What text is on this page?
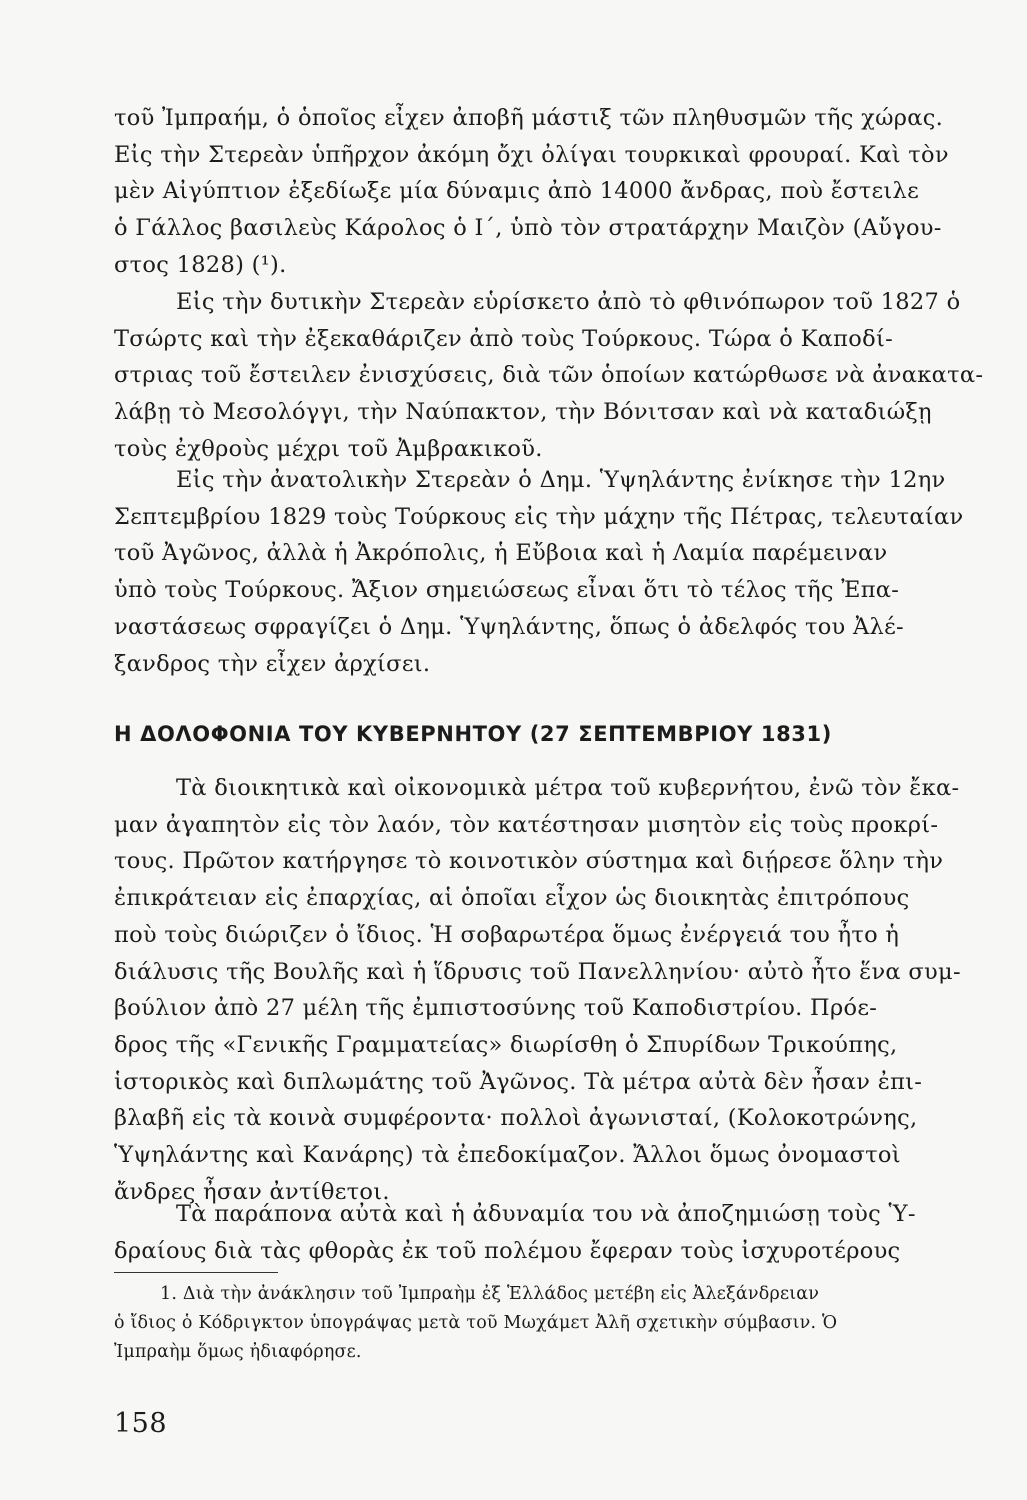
τοῦ Ἰμπραήμ, ὁ ὁποῖος εἶχεν ἀποβῆ μάστιξ τῶν πληθυσμῶν τῆς χώρας.
Εἰς τὴν Στερεὰν ὑπῆρχον ἀκόμη ὄχι ὀλίγαι τουρκικαὶ φρουραί. Καὶ τὸν
μὲν Αἰγύπτιον ἐξεδίωξε μία δύναμις ἀπὸ 14000 ἄνδρας, ποὺ ἔστειλε
ὁ Γάλλος βασιλεὺς Κάρολος ὁ Ι΄, ὑπὸ τὸν στρατάρχην Μαιζὸν (Αὔγου-
στος 1828) (¹).
Εἰς τὴν δυτικὴν Στερεὰν εὑρίσκετο ἀπὸ τὸ φθινόπωρον τοῦ 1827 ὁ
Τσώρτς καὶ τὴν ἐξεκαθάριζεν ἀπὸ τοὺς Τούρκους. Τώρα ὁ Καποδί-
στριας τοῦ ἔστειλεν ἐνισχύσεις, διὰ τῶν ὁποίων κατώρθωσε νὰ ἀνακατα-
λάβῃ τὸ Μεσολόγγι, τὴν Ναύπακτον, τὴν Βόνιτσαν καὶ νὰ καταδιώξῃ
τοὺς ἐχθροὺς μέχρι τοῦ Ἀμβρακικοῦ.
Εἰς τὴν ἀνατολικὴν Στερεὰν ὁ Δημ. Ὑψηλάντης ἐνίκησε τὴν 12ην
Σεπτεμβρίου 1829 τοὺς Τούρκους εἰς τὴν μάχην τῆς Πέτρας, τελευταίαν
τοῦ Ἀγῶνος, ἀλλὰ ἡ Ἀκρόπολις, ἡ Εὔβοια καὶ ἡ Λαμία παρέμειναν
ὑπὸ τοὺς Τούρκους. Ἄξιον σημειώσεως εἶναι ὅτι τὸ τέλος τῆς Ἐπα-
ναστάσεως σφραγίζει ὁ Δημ. Ὑψηλάντης, ὅπως ὁ ἀδελφός του Ἀλέ-
ξανδρος τὴν εἶχεν ἀρχίσει.
Η ΔΟΛΟΦΟΝΙΑ ΤΟΥ ΚΥΒΕΡΝΗΤΟΥ (27 ΣΕΠΤΕΜΒΡΙΟΥ 1831)
Τὰ διοικητικὰ καὶ οἰκονομικὰ μέτρα τοῦ κυβερνήτου, ἐνῶ τὸν ἔκα-
μαν ἀγαπητὸν εἰς τὸν λαόν, τὸν κατέστησαν μισητὸν εἰς τοὺς προκρί-
τους. Πρῶτον κατήργησε τὸ κοινοτικὸν σύστημα καὶ διῄρεσε ὅλην τὴν
ἐπικράτειαν εἰς ἐπαρχίας, αἱ ὁποῖαι εἶχον ὡς διοικητὰς ἐπιτρόπους
ποὺ τοὺς διώριζεν ὁ ἴδιος. Ἡ σοβαρωτέρα ὅμως ἐνέργειά του ἦτο ἡ
διάλυσις τῆς Βουλῆς καὶ ἡ ἵδρυσις τοῦ Πανελληνίου· αὐτὸ ἦτο ἕνα συμ-
βούλιον ἀπὸ 27 μέλη τῆς ἐμπιστοσύνης τοῦ Καποδιστρίου. Πρόε-
δρος τῆς «Γενικῆς Γραμματείας» διωρίσθη ὁ Σπυρίδων Τρικούπης,
ἱστορικὸς καὶ διπλωμάτης τοῦ Ἀγῶνος. Τὰ μέτρα αὐτὰ δὲν ἦσαν ἐπι-
βλαβῆ εἰς τὰ κοινὰ συμφέροντα· πολλοὶ ἀγωνισταί, (Κολοκοτρώνης,
Ὑψηλάντης καὶ Κανάρης) τὰ ἐπεδοκίμαζον. Ἄλλοι ὅμως ὀνομαστοὶ
ἄνδρες ἦσαν ἀντίθετοι.
Τὰ παράπονα αὐτὰ καὶ ἡ ἀδυναμία του νὰ ἀποζημιώσῃ τοὺς Ὑ-
δραίους διὰ τὰς φθορὰς ἐκ τοῦ πολέμου ἔφεραν τοὺς ἰσχυροτέρους
1. Διὰ τὴν ἀνάκλησιν τοῦ Ἰμπραὴμ ἐξ Ἑλλάδος μετέβη εἰς Ἀλεξάνδρειαν
ὁ ἴδιος ὁ Κόδριγκτον ὑπογράψας μετὰ τοῦ Μωχάμετ Ἀλῆ σχετικὴν σύμβασιν. Ὁ
Ἰμπραὴμ ὅμως ἠδιαφόρησε.
158
